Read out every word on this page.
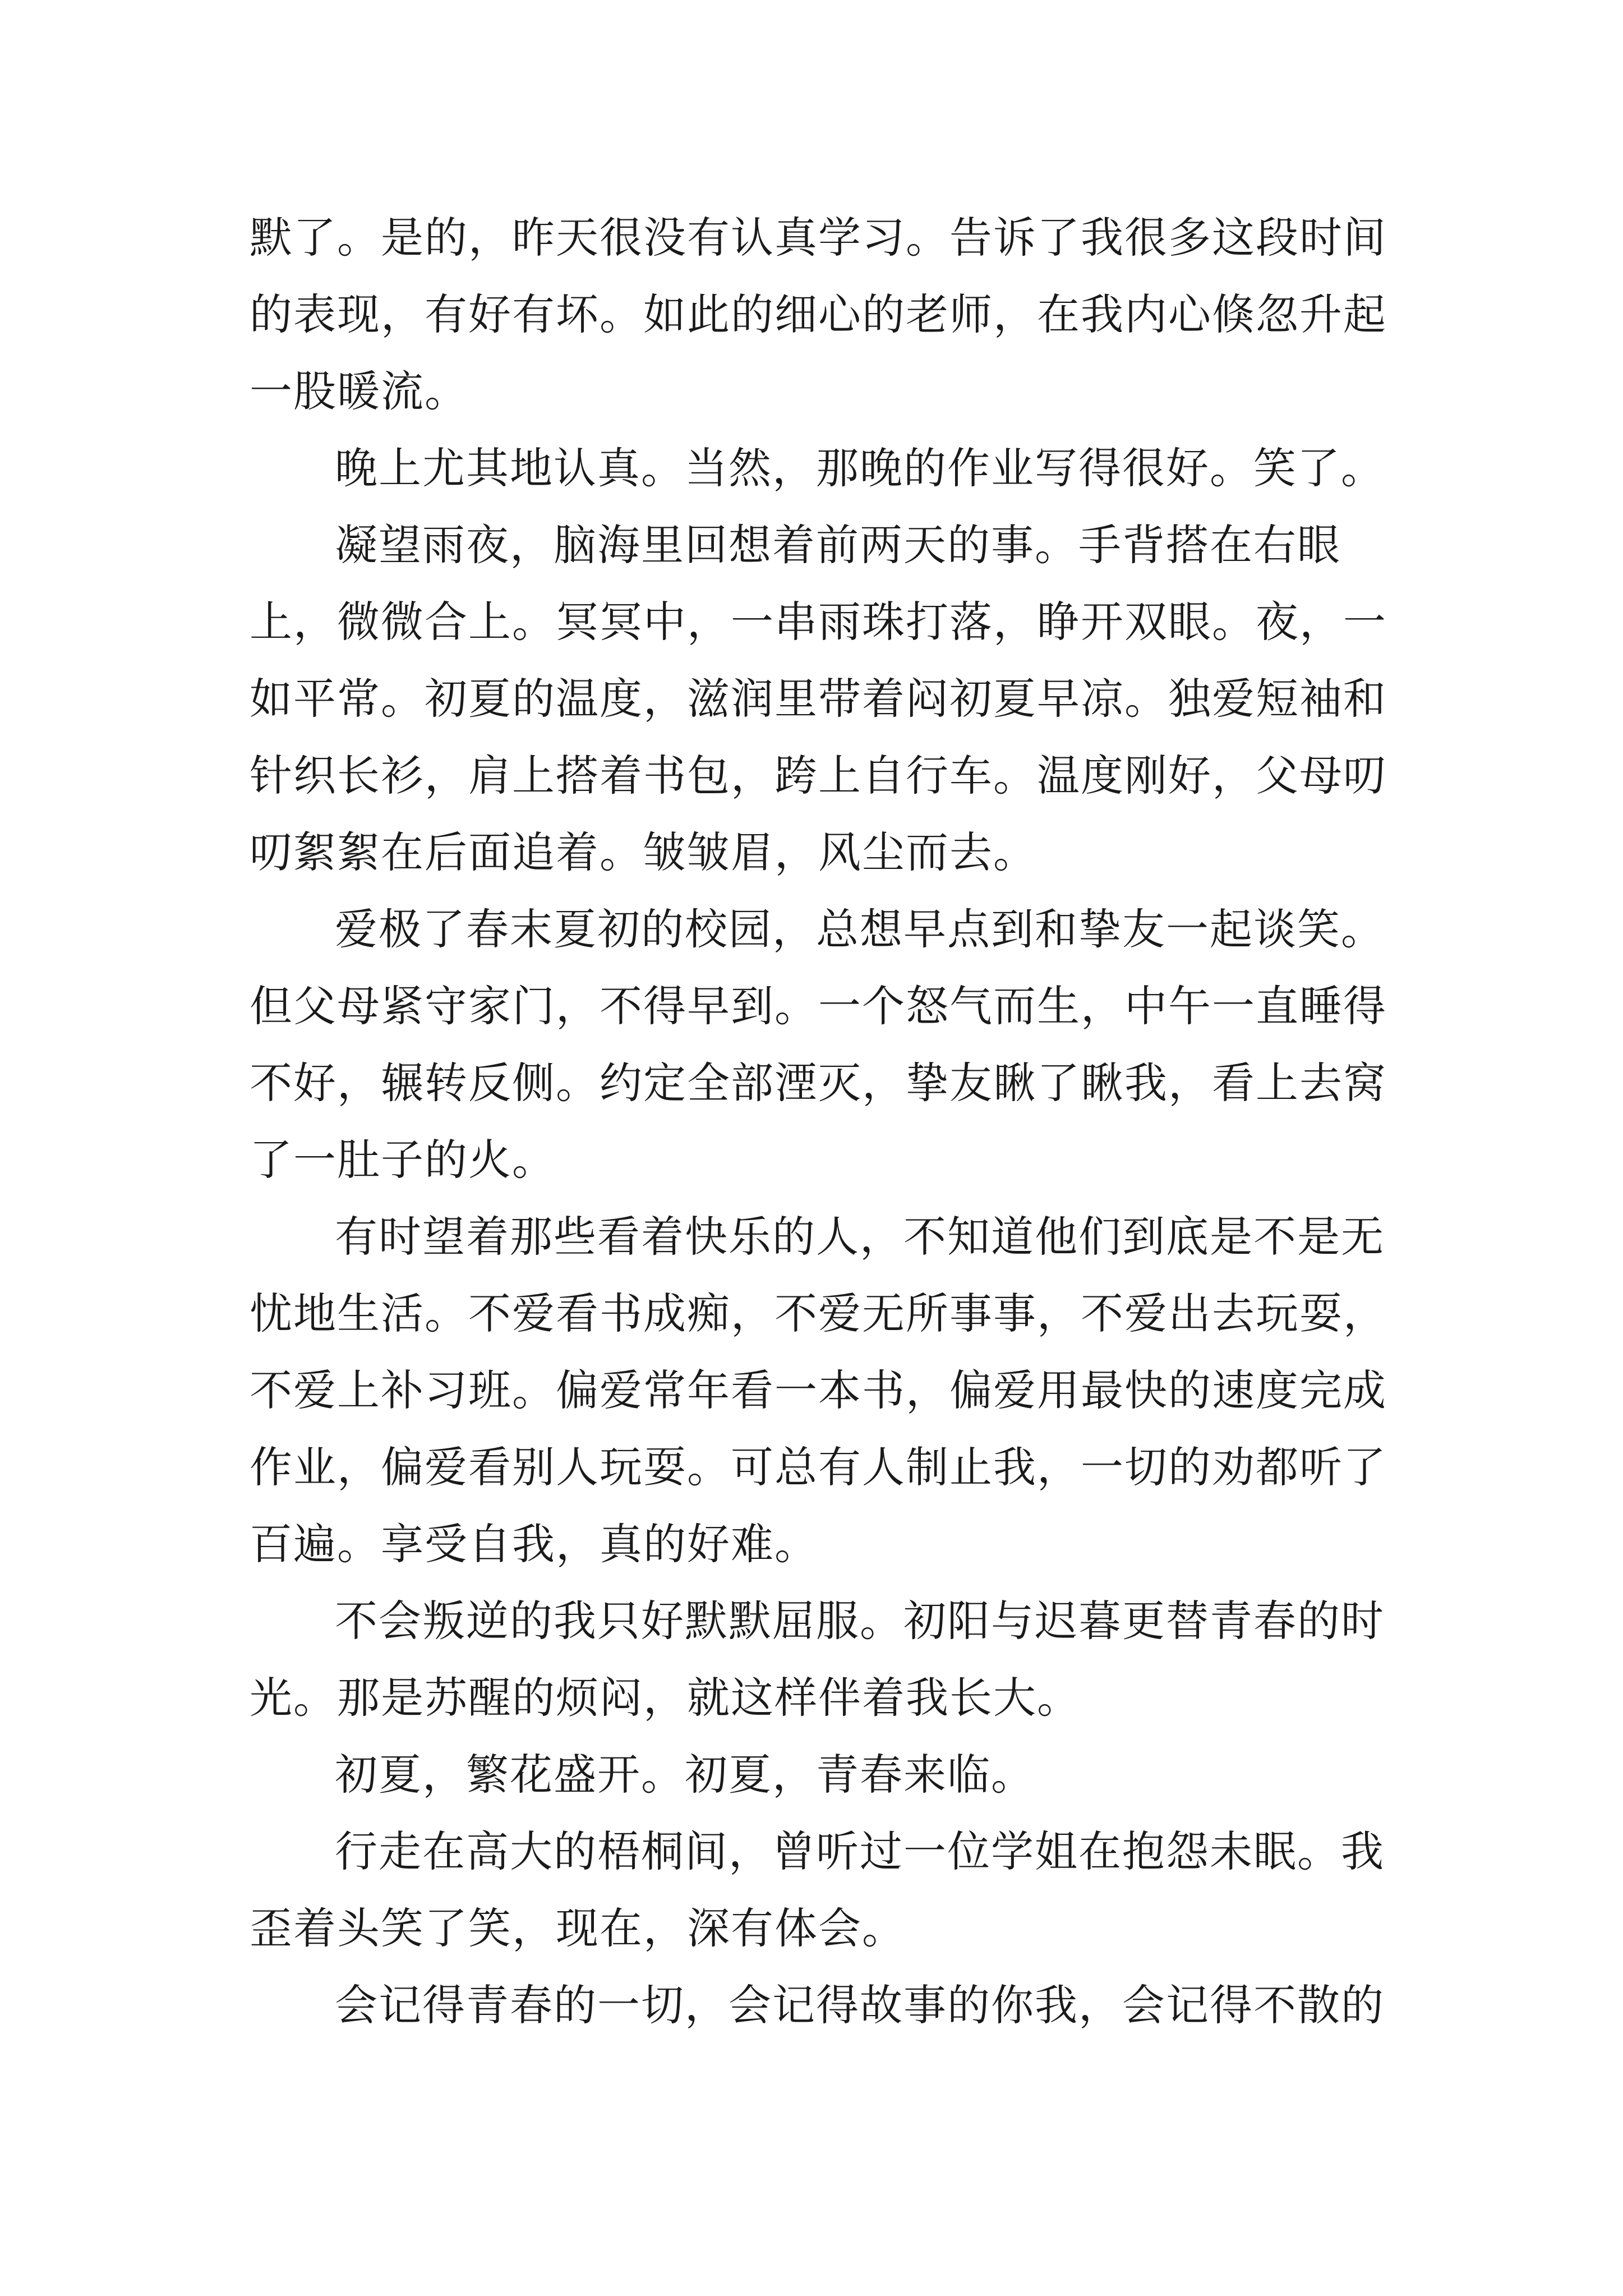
默了。是的，昨天很没有认真学习。告诉了我很多这段时间的表现，有好有坏。如此的细心的老师，在我内心倏忽升起一股暖流。

晚上尤其地认真。当然，那晚的作业写得很好。笑了。

凝望雨夜，脑海里回想着前两天的事。手背搭在右眼上，微微合上。冥冥中，一串雨珠打落，睁开双眼。夜，一如平常。初夏的温度，滋润里带着闷初夏早凉。独爱短袖和针织长衫，肩上搭着书包，跨上自行车。温度刚好，父母叨叨絮絮在后面追着。皱皱眉，风尘而去。

爱极了春末夏初的校园，总想早点到和挚友一起谈笑。但父母紧守家门，不得早到。一个怒气而生，中午一直睡得不好，辗转反侧。约定全部湮灭，挚友瞅了瞅我，看上去窝了一肚子的火。

有时望着那些看着快乐的人，不知道他们到底是不是无忧地生活。不爱看书成痴，不爱无所事事，不爱出去玩耍，不爱上补习班。偏爱常年看一本书，偏爱用最快的速度完成作业，偏爱看别人玩耍。可总有人制止我，一切的劝都听了百遍。享受自我，真的好难。

不会叛逆的我只好默默屈服。初阳与迟暮更替青春的时光。那是苏醒的烦闷，就这样伴着我长大。

初夏，繁花盛开。初夏，青春来临。

行走在高大的梧桐间，曾听过一位学姐在抱怨未眠。我歪着头笑了笑，现在，深有体会。

会记得青春的一切，会记得故事的你我，会记得不散的
